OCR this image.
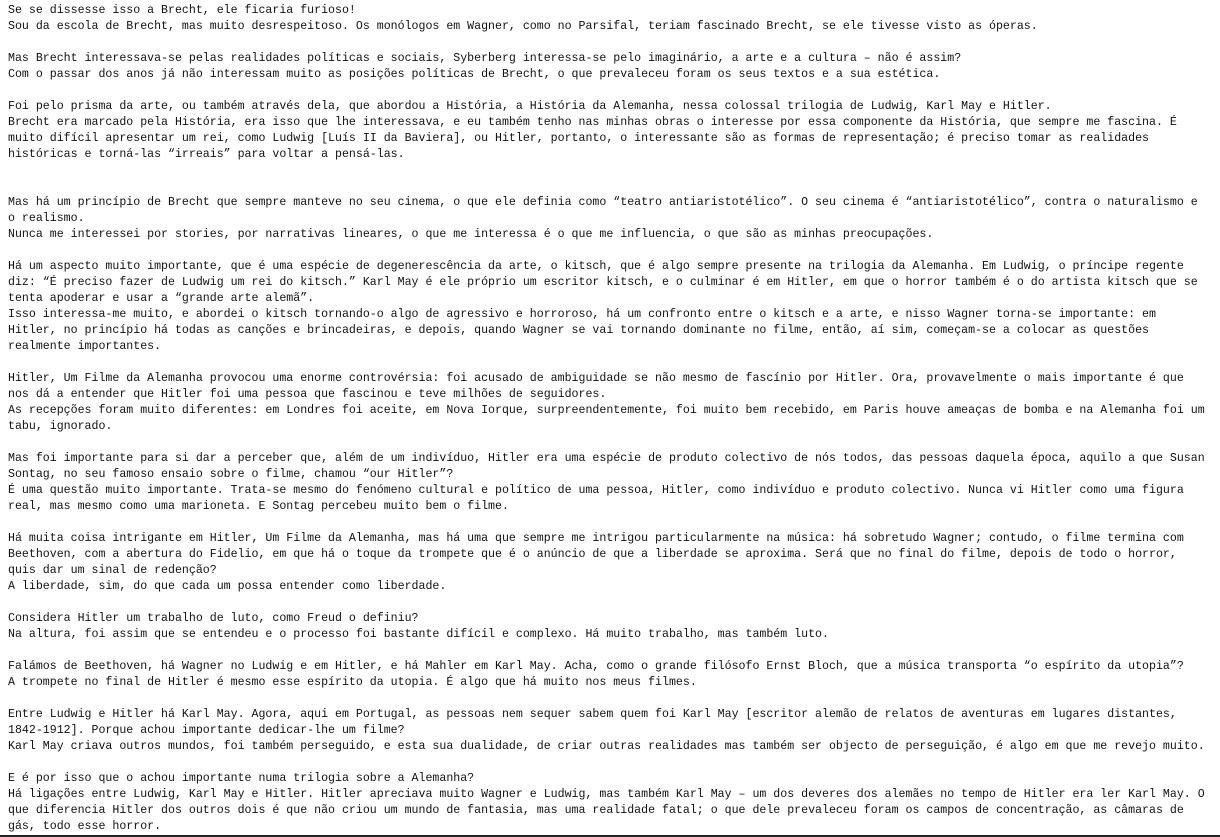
Se se dissesse isso a Brecht, ele ficaria furioso!
Sou da escola de Brecht, mas muito desrespeitoso. Os monólogos em Wagner, como no Parsifal, teriam fascinado Brecht, se ele tivesse visto as óperas.
Mas Brecht interessava-se pelas realidades políticas e sociais, Syberberg interessa-se pelo imaginário, a arte e a cultura – não é assim?
Com o passar dos anos já não interessam muito as posições políticas de Brecht, o que prevaleceu foram os seus textos e a sua estética.
Foi pelo prisma da arte, ou também através dela, que abordou a História, a História da Alemanha, nessa colossal trilogia de Ludwig, Karl May e Hitler.
Brecht era marcado pela História, era isso que lhe interessava, e eu também tenho nas minhas obras o interesse por essa componente da História, que sempre me fascina. É
muito difícil apresentar um rei, como Ludwig [Luís II da Baviera], ou Hitler, portanto, o interessante são as formas de representação; é preciso tomar as realidades
históricas e torná-las “irreais” para voltar a pensá-las.
Mas há um princípio de Brecht que sempre manteve no seu cinema, o que ele definia como “teatro antiaristotélico”. O seu cinema é “antiaristotélico”, contra o naturalismo e
o realismo.
Nunca me interessei por stories, por narrativas lineares, o que me interessa é o que me influencia, o que são as minhas preocupações.
Há um aspecto muito importante, que é uma espécie de degenerescência da arte, o kitsch, que é algo sempre presente na trilogia da Alemanha. Em Ludwig, o príncipe regente
diz: “É preciso fazer de Ludwig um rei do kitsch.” Karl May é ele próprio um escritor kitsch, e o culminar é em Hitler, em que o horror também é o do artista kitsch que se
tenta apoderar e usar a “grande arte alemã”.
Isso interessa-me muito, e abordei o kitsch tornando-o algo de agressivo e horroroso, há um confronto entre o kitsch e a arte, e nisso Wagner torna-se importante: em
Hitler, no princípio há todas as canções e brincadeiras, e depois, quando Wagner se vai tornando dominante no filme, então, aí sim, começam-se a colocar as questões
realmente importantes.
Hitler, Um Filme da Alemanha provocou uma enorme controvérsia: foi acusado de ambiguidade se não mesmo de fascínio por Hitler. Ora, provavelmente o mais importante é que
nos dá a entender que Hitler foi uma pessoa que fascinou e teve milhões de seguidores.
As recepções foram muito diferentes: em Londres foi aceite, em Nova Iorque, surpreendentemente, foi muito bem recebido, em Paris houve ameaças de bomba e na Alemanha foi um
tabu, ignorado.
Mas foi importante para si dar a perceber que, além de um indivíduo, Hitler era uma espécie de produto colectivo de nós todos, das pessoas daquela época, aquilo a que Susan
Sontag, no seu famoso ensaio sobre o filme, chamou “our Hitler”?
É uma questão muito importante. Trata-se mesmo do fenómeno cultural e político de uma pessoa, Hitler, como indivíduo e produto colectivo. Nunca vi Hitler como uma figura
real, mas mesmo como uma marioneta. E Sontag percebeu muito bem o filme.
Há muita coisa intrigante em Hitler, Um Filme da Alemanha, mas há uma que sempre me intrigou particularmente na música: há sobretudo Wagner; contudo, o filme termina com
Beethoven, com a abertura do Fidelio, em que há o toque da trompete que é o anúncio de que a liberdade se aproxima. Será que no final do filme, depois de todo o horror,
quis dar um sinal de redenção?
A liberdade, sim, do que cada um possa entender como liberdade.
Considera Hitler um trabalho de luto, como Freud o definiu?
Na altura, foi assim que se entendeu e o processo foi bastante difícil e complexo. Há muito trabalho, mas também luto.
Falámos de Beethoven, há Wagner no Ludwig e em Hitler, e há Mahler em Karl May. Acha, como o grande filósofo Ernst Bloch, que a música transporta “o espírito da utopia”?
A trompete no final de Hitler é mesmo esse espírito da utopia. É algo que há muito nos meus filmes.
Entre Ludwig e Hitler há Karl May. Agora, aqui em Portugal, as pessoas nem sequer sabem quem foi Karl May [escritor alemão de relatos de aventuras em lugares distantes,
1842-1912]. Porque achou importante dedicar-lhe um filme?
Karl May criava outros mundos, foi também perseguido, e esta sua dualidade, de criar outras realidades mas também ser objecto de perseguição, é algo em que me revejo muito.
E é por isso que o achou importante numa trilogia sobre a Alemanha?
Há ligações entre Ludwig, Karl May e Hitler. Hitler apreciava muito Wagner e Ludwig, mas também Karl May – um dos deveres dos alemães no tempo de Hitler era ler Karl May. O
que diferencia Hitler dos outros dois é que não criou um mundo de fantasia, mas uma realidade fatal; o que dele prevaleceu foram os campos de concentração, as câmaras de
gás, todo esse horror.
